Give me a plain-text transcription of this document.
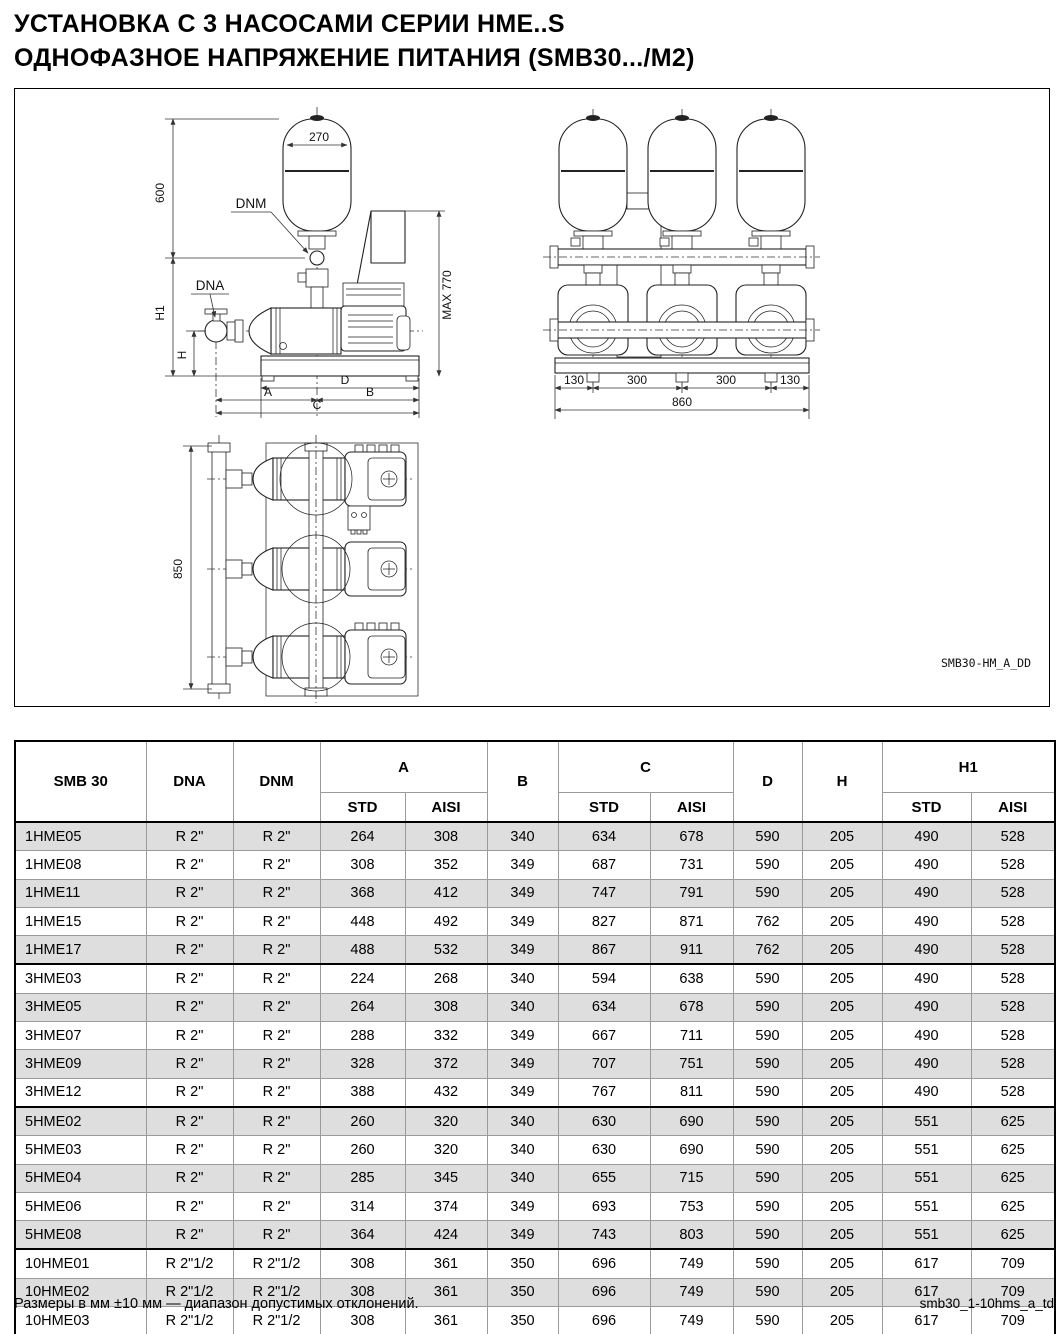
УСТАНОВКА С 3 НАСОСАМИ СЕРИИ HME..S
ОДНОФАЗНОЕ НАПРЯЖЕНИЕ ПИТАНИЯ (SMB30.../M2)
270
600
DNM
DNA
H1
H
MAX 770
D
A	B
C
130	300	300	130
860
850
SMB30-HM_A_DD
SMB 30	DNA	DNM	A		B	C		D	H	H1	
			STD	AISI		STD	AISI			STD	AISI
1HME05	R 2"	R 2"	264	308	340	634	678	590	205	490	528
1HME08	R 2"	R 2"	308	352	349	687	731	590	205	490	528
1HME11	R 2"	R 2"	368	412	349	747	791	590	205	490	528
1HME15	R 2"	R 2"	448	492	349	827	871	762	205	490	528
1HME17	R 2"	R 2"	488	532	349	867	911	762	205	490	528
3HME03	R 2"	R 2"	224	268	340	594	638	590	205	490	528
3HME05	R 2"	R 2"	264	308	340	634	678	590	205	490	528
3HME07	R 2"	R 2"	288	332	349	667	711	590	205	490	528
3HME09	R 2"	R 2"	328	372	349	707	751	590	205	490	528
3HME12	R 2"	R 2"	388	432	349	767	811	590	205	490	528
5HME02	R 2"	R 2"	260	320	340	630	690	590	205	551	625
5HME03	R 2"	R 2"	260	320	340	630	690	590	205	551	625
5HME04	R 2"	R 2"	285	345	340	655	715	590	205	551	625
5HME06	R 2"	R 2"	314	374	349	693	753	590	205	551	625
5HME08	R 2"	R 2"	364	424	349	743	803	590	205	551	625
10HME01	R 2"1/2	R 2"1/2	308	361	350	696	749	590	205	617	709
10HME02	R 2"1/2	R 2"1/2	308	361	350	696	749	590	205	617	709
10HME03	R 2"1/2	R 2"1/2	308	361	350	696	749	590	205	617	709
Размеры в мм ±10 мм — диапазон допустимых отклонений.	smb30_1-10hms_a_td
